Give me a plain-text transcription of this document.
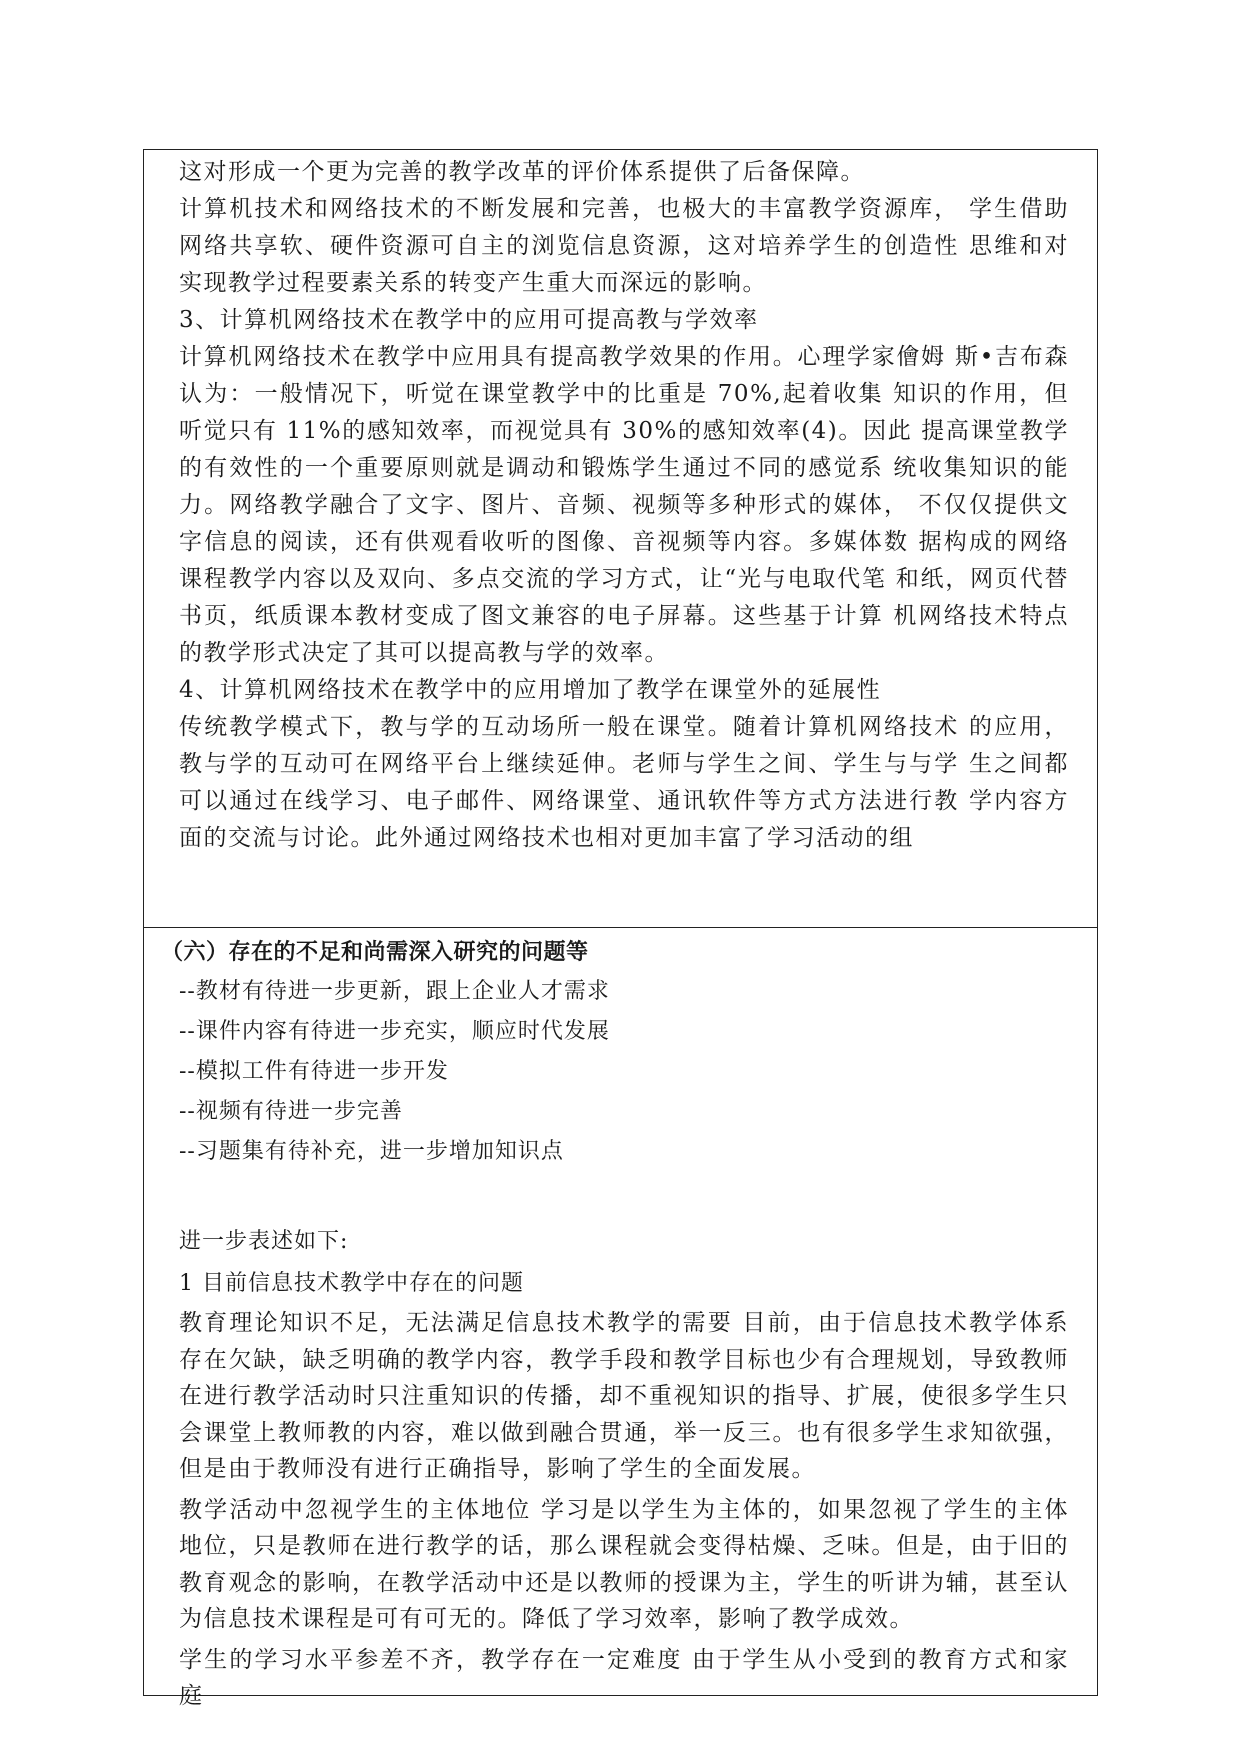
这对形成一个更为完善的教学改革的评价体系提供了后备保障。

计算机技术和网络技术的不断发展和完善，也极大的丰富教学资源库， 学生借助网络共享软、硬件资源可自主的浏览信息资源，这对培养学生的创造性 思维和对实现教学过程要素关系的转变产生重大而深远的影响。

3、计算机网络技术在教学中的应用可提高教与学效率

计算机网络技术在教学中应用具有提高教学效果的作用。心理学家儈姆 斯•吉布森认为：一般情况下，听觉在课堂教学中的比重是 70%,起着收集 知识的作用，但听觉只有 11%的感知效率，而视觉具有 30%的感知效率(4)。因此 提高课堂教学的有效性的一个重要原则就是调动和锻炼学生通过不同的感觉系 统收集知识的能力。网络教学融合了文字、图片、音频、视频等多种形式的媒体， 不仅仅提供文字信息的阅读，还有供观看收听的图像、音视频等内容。多媒体数 据构成的网络课程教学内容以及双向、多点交流的学习方式，让“光与电取代笔 和纸，网页代替书页，纸质课本教材变成了图文兼容的电子屏幕。这些基于计算 机网络技术特点的教学形式决定了其可以提高教与学的效率。

4、计算机网络技术在教学中的应用增加了教学在课堂外的延展性

传统教学模式下，教与学的互动场所一般在课堂。随着计算机网络技术 的应用，教与学的互动可在网络平台上继续延伸。老师与学生之间、学生与与学 生之间都可以通过在线学习、电子邮件、网络课堂、通讯软件等方式方法进行教 学内容方面的交流与讨论。此外通过网络技术也相对更加丰富了学习活动的组

（六）存在的不足和尚需深入研究的问题等

--教材有待进一步更新，跟上企业人才需求

--课件内容有待进一步充实，顺应时代发展

--模拟工件有待进一步开发

--视频有待进一步完善

--习题集有待补充，进一步增加知识点

进一步表述如下:

1 目前信息技术教学中存在的问题

教育理论知识不足，无法满足信息技术教学的需要 目前，由于信息技术教学体系存在欠缺，缺乏明确的教学内容，教学手段和教学目标也少有合理规划，导致教师在进行教学活动时只注重知识的传播，却不重视知识的指导、扩展，使很多学生只会课堂上教师教的内容，难以做到融合贯通，举一反三。也有很多学生求知欲强，但是由于教师没有进行正确指导，影响了学生的全面发展。

教学活动中忽视学生的主体地位 学习是以学生为主体的，如果忽视了学生的主体地位，只是教师在进行教学的话，那么课程就会变得枯燥、乏味。但是，由于旧的教育观念的影响，在教学活动中还是以教师的授课为主，学生的听讲为辅，甚至认为信息技术课程是可有可无的。降低了学习效率，影响了教学成效。

学生的学习水平参差不齐，教学存在一定难度 由于学生从小受到的教育方式和家庭
